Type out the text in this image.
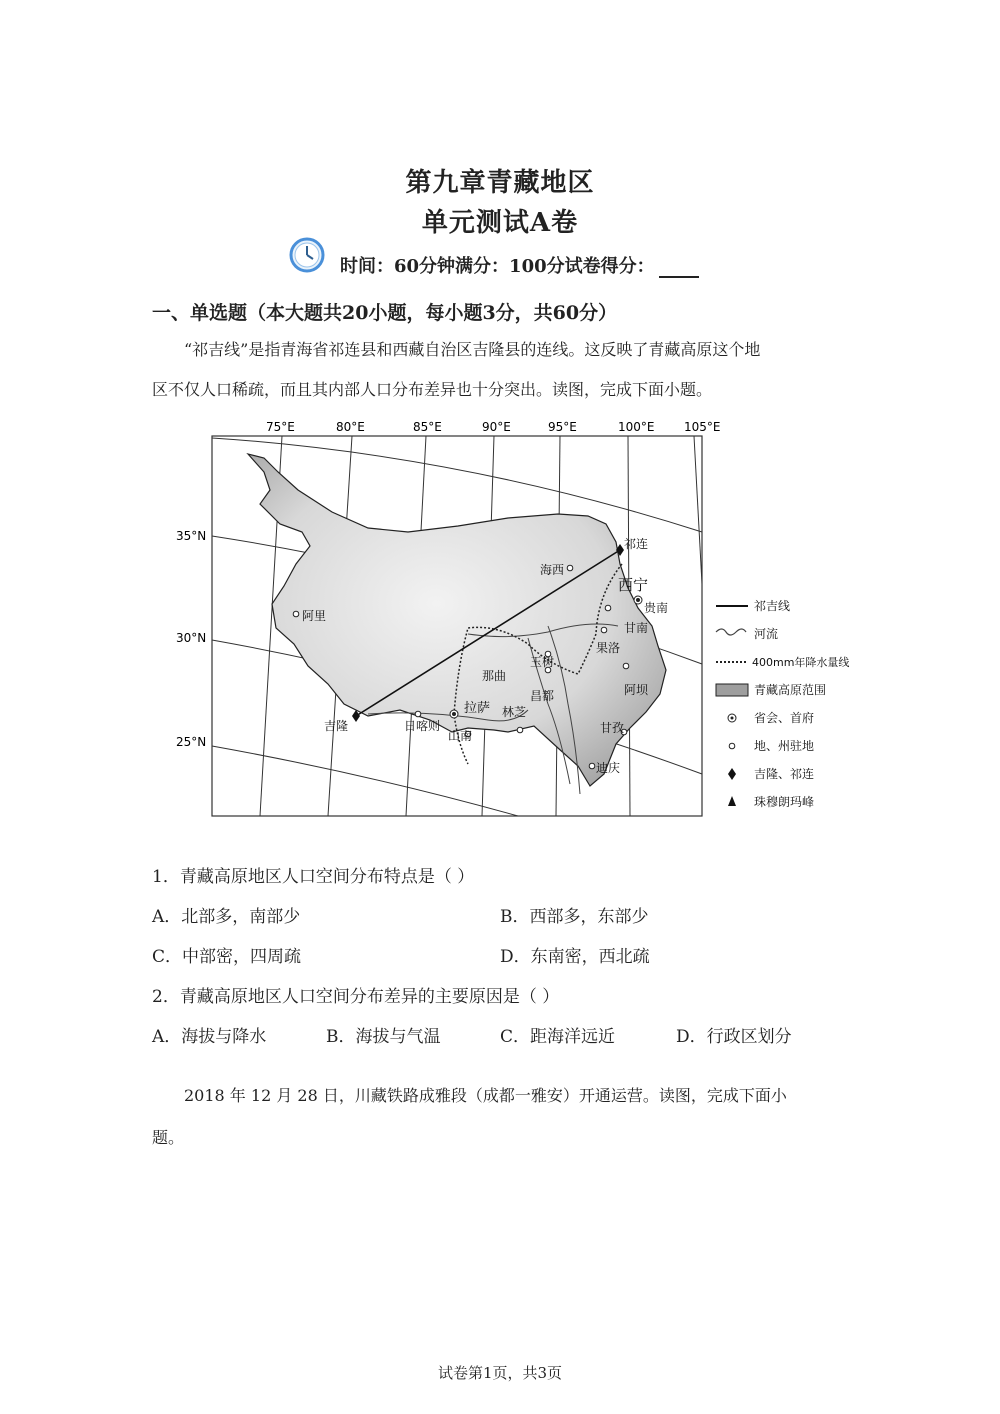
第九章青藏地区
单元测试A卷
时间：60分钟满分：100分试卷得分：
一、单选题（本大题共20小题，每小题3分，共60分）
“祁吉线”是指青海省祁连县和西藏自治区吉隆县的连线。这反映了青藏高原这个地
区不仅人口稀疏，而且其内部人口分布差异也十分突出。读图，完成下面小题。
75°E	80°E	85°E	90°E	95°E	100°E 105°E
35°N
30°N
25°N
祁连
海西
西宁
贵南
甘南
果洛
阿里
玉树
那曲
昌都	阿坝
拉萨 林芝
吉隆	日喀则
山南
甘孜
迪庆
祁吉线
河流
400mm年降水量线
青藏高原范围
省会、首府
地、州驻地
吉隆、祁连
珠穆朗玛峰
1．青藏高原地区人口空间分布特点是（ ）
A．北部多，南部少	B．西部多，东部少
C．中部密，四周疏	D．东南密，西北疏
2．青藏高原地区人口空间分布差异的主要原因是（ ）
A．海拔与降水	B．海拔与气温	C．距海洋远近	D．行政区划分
2018 年 12 月 28 日，川藏铁路成雅段（成都一雅安）开通运营。读图，完成下面小
题。
试卷第1页，共3页
